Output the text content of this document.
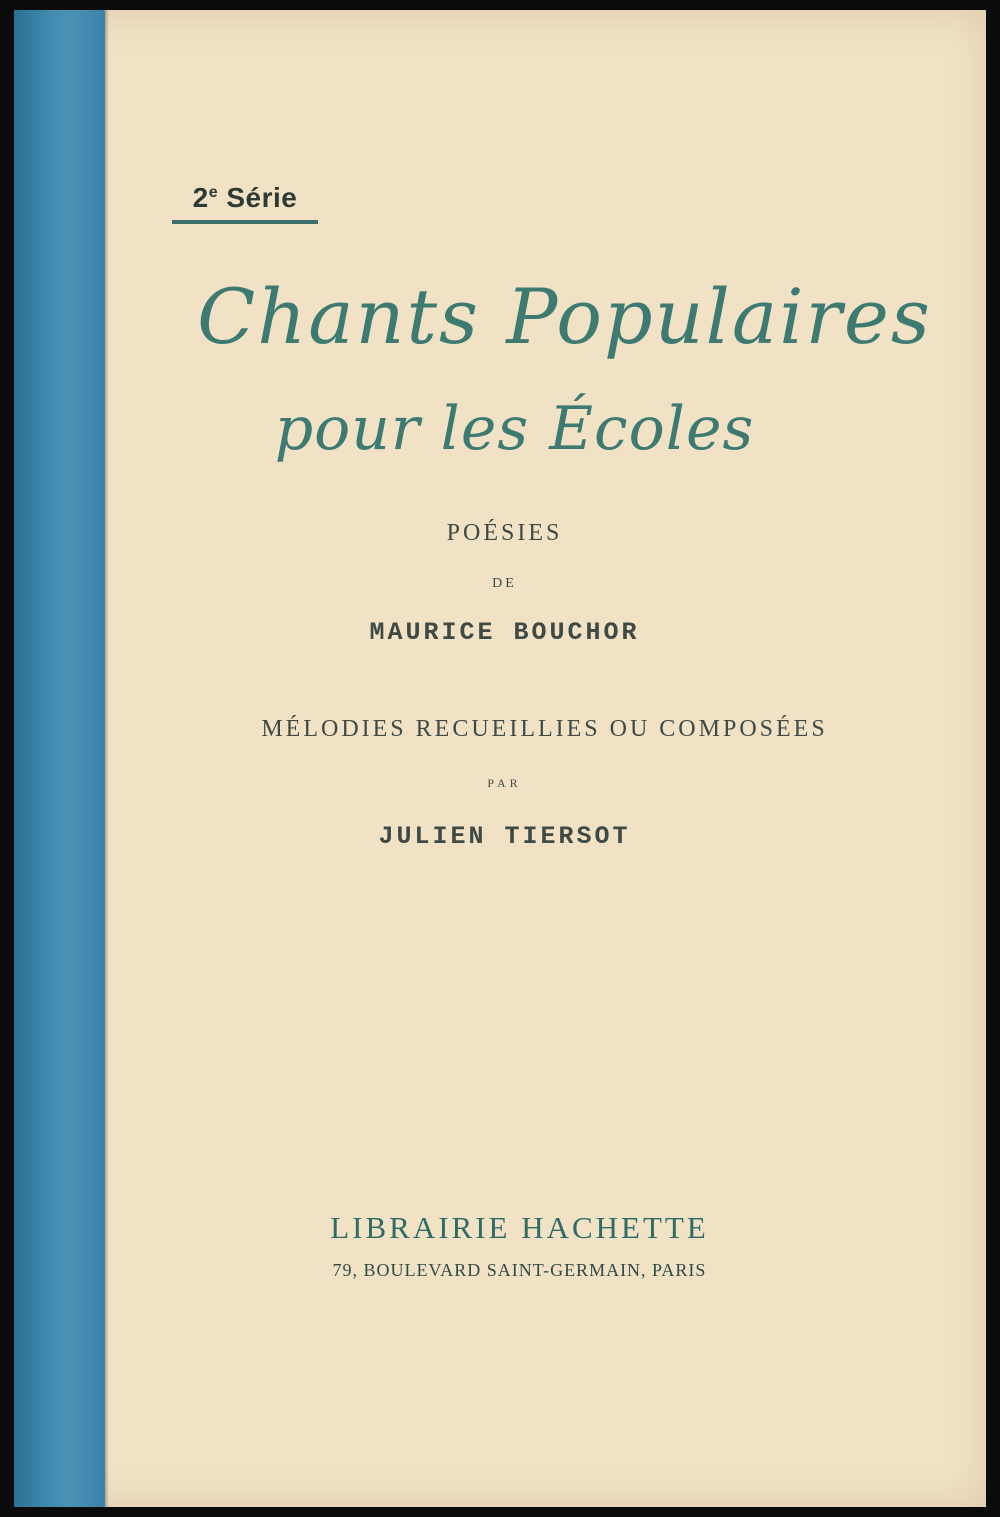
2e Série
Chants Populaires
pour les Écoles
POÉSIES
DE
MAURICE BOUCHOR
MÉLODIES RECUEILLIES OU COMPOSÉES
PAR
JULIEN TIERSOT
LIBRAIRIE HACHETTE
79, BOULEVARD SAINT-GERMAIN, PARIS
